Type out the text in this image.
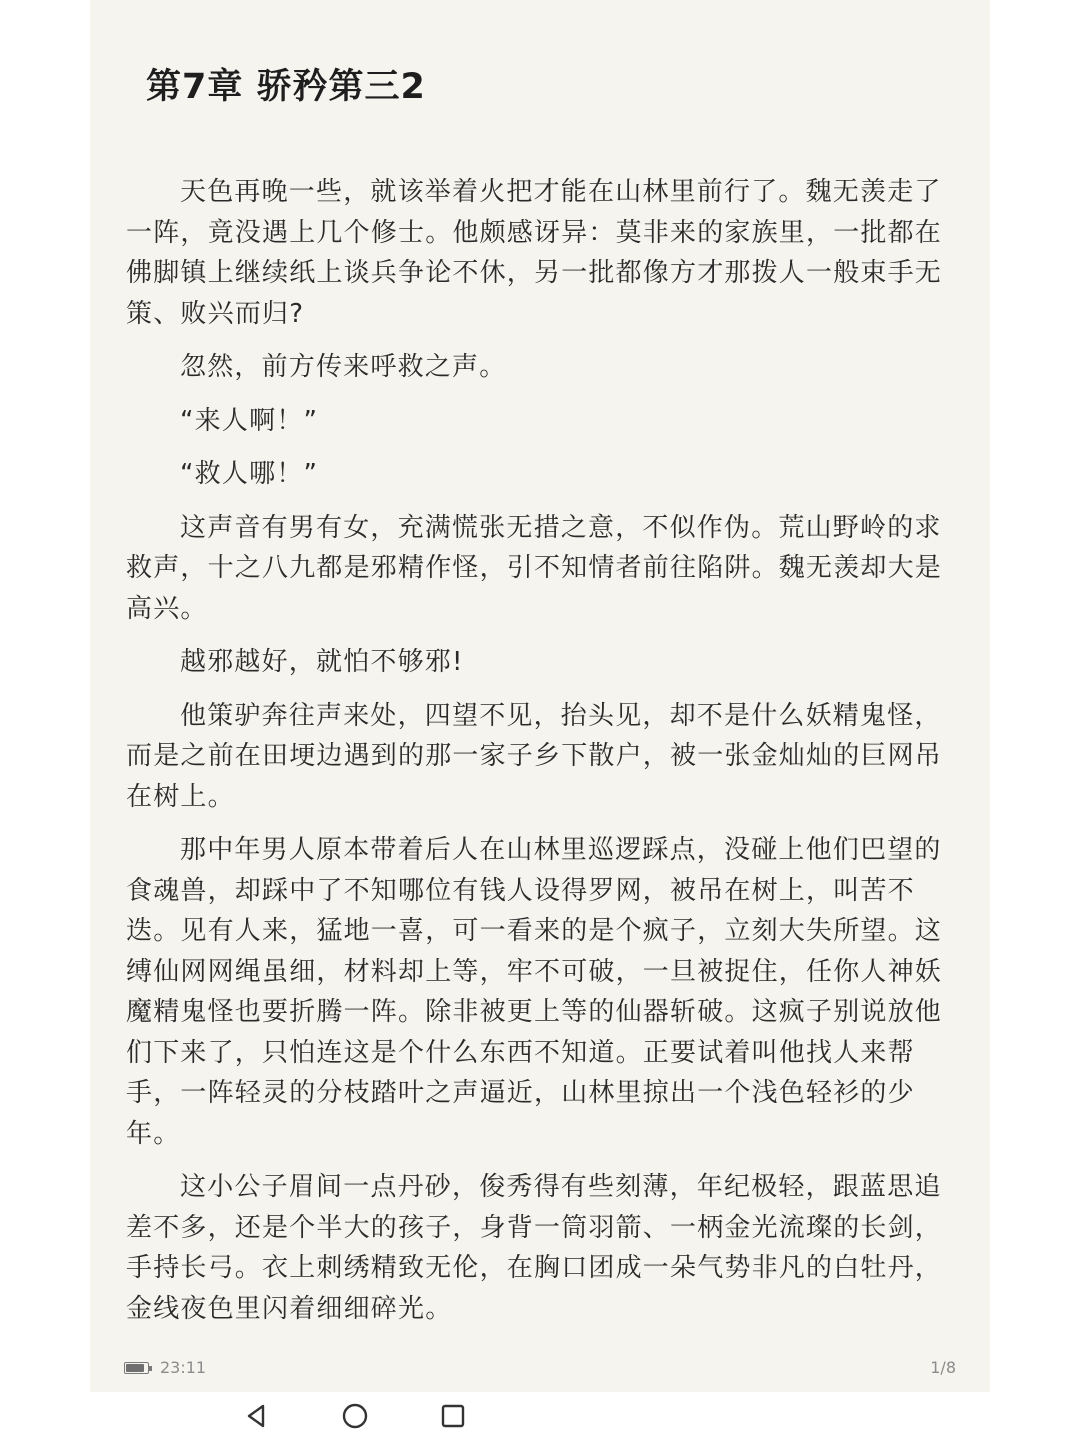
第7章 骄矜第三2

天色再晚一些，就该举着火把才能在山林里前行了。魏无羡走了一阵，竟没遇上几个修士。他颇感讶异：莫非来的家族里，一批都在佛脚镇上继续纸上谈兵争论不休，另一批都像方才那拨人一般束手无策、败兴而归?

忽然，前方传来呼救之声。

“来人啊！”

“救人哪！”

这声音有男有女，充满慌张无措之意，不似作伪。荒山野岭的求救声，十之八九都是邪精作怪，引不知情者前往陷阱。魏无羡却大是高兴。

越邪越好，就怕不够邪!

他策驴奔往声来处，四望不见，抬头见，却不是什么妖精鬼怪，而是之前在田埂边遇到的那一家子乡下散户，被一张金灿灿的巨网吊在树上。

那中年男人原本带着后人在山林里巡逻踩点，没碰上他们巴望的食魂兽，却踩中了不知哪位有钱人设得罗网，被吊在树上，叫苦不迭。见有人来，猛地一喜，可一看来的是个疯子，立刻大失所望。这缚仙网网绳虽细，材料却上等，牢不可破，一旦被捉住，任你人神妖魔精鬼怪也要折腾一阵。除非被更上等的仙器斩破。这疯子别说放他们下来了，只怕连这是个什么东西不知道。正要试着叫他找人来帮手，一阵轻灵的分枝踏叶之声逼近，山林里掠出一个浅色轻衫的少年。

这小公子眉间一点丹砂，俊秀得有些刻薄，年纪极轻，跟蓝思追差不多，还是个半大的孩子，身背一筒羽箭、一柄金光流璨的长剑，手持长弓。衣上刺绣精致无伦，在胸口团成一朵气势非凡的白牡丹，金线夜色里闪着细细碎光。

23:11	1/8
